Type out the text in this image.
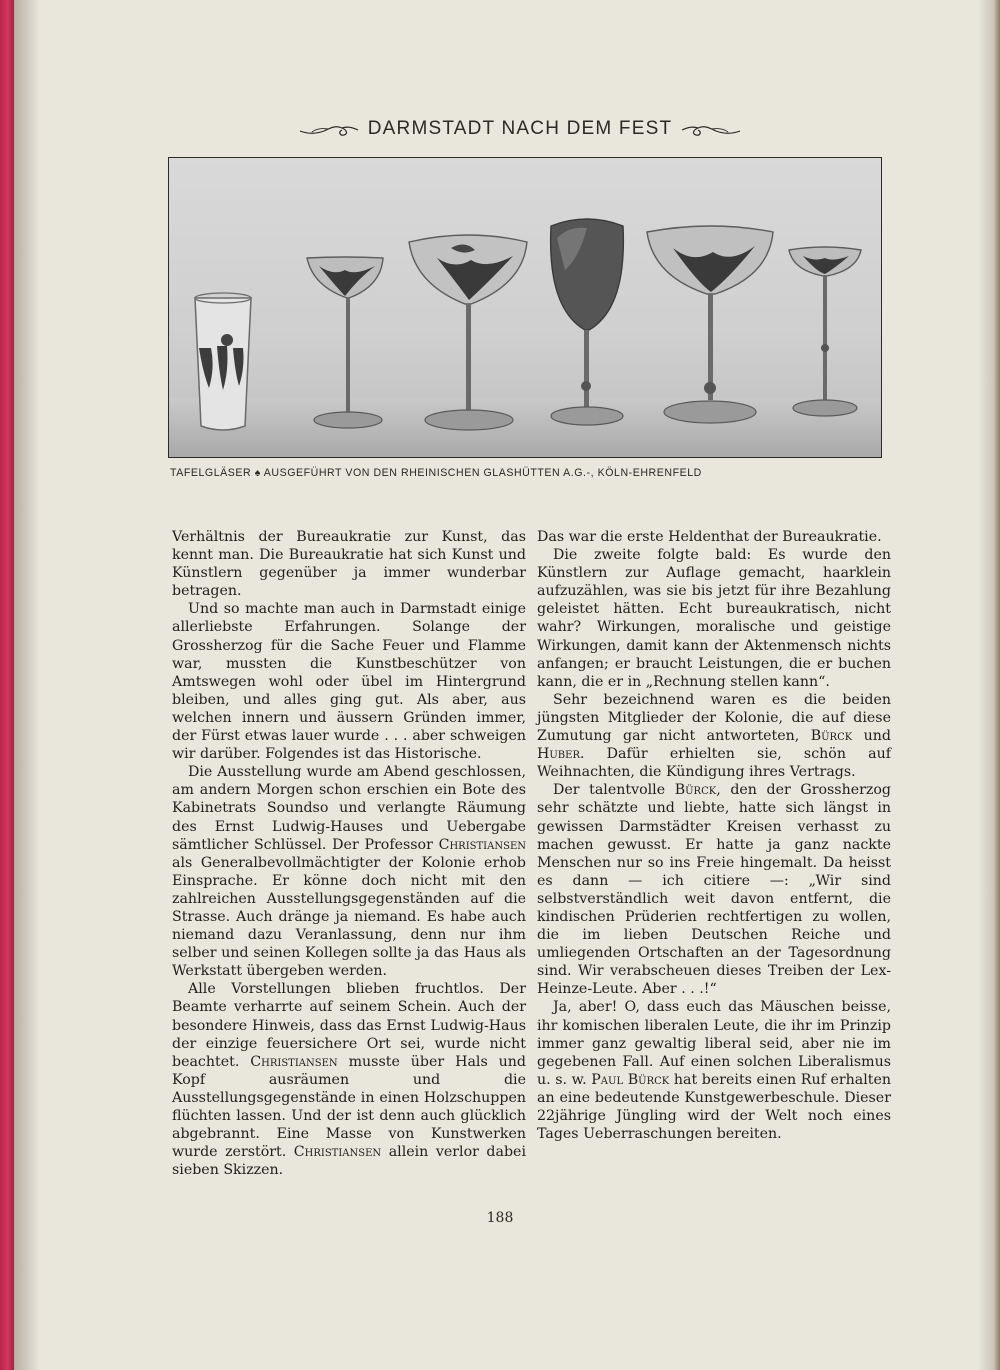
DARMSTADT NACH DEM FEST
TAFELGLÄSER ♠ AUSGEFÜHRT VON DEN RHEINISCHEN GLASHÜTTEN A.G.-, KÖLN-EHRENFELD

Verhältnis der Bureaukratie zur Kunst, das kennt man. Die Bureaukratie hat sich Kunst und Künstlern gegenüber ja immer wunderbar betragen.

Und so machte man auch in Darmstadt einige allerliebste Erfahrungen. Solange der Grossherzog für die Sache Feuer und Flamme war, mussten die Kunstbeschützer von Amtswegen wohl oder übel im Hintergrund bleiben, und alles ging gut. Als aber, aus welchen innern und äussern Gründen immer, der Fürst etwas lauer wurde . . . aber schweigen wir darüber. Folgendes ist das Historische.

Die Ausstellung wurde am Abend geschlossen, am andern Morgen schon erschien ein Bote des Kabinetrats Soundso und verlangte Räumung des Ernst Ludwig-Hauses und Uebergabe sämtlicher Schlüssel. Der Professor Christiansen als Generalbevollmächtigter der Kolonie erhob Einsprache. Er könne doch nicht mit den zahlreichen Ausstellungsgegenständen auf die Strasse. Auch dränge ja niemand. Es habe auch niemand dazu Veranlassung, denn nur ihm selber und seinen Kollegen sollte ja das Haus als Werkstatt übergeben werden.

Alle Vorstellungen blieben fruchtlos. Der Beamte verharrte auf seinem Schein. Auch der besondere Hinweis, dass das Ernst Ludwig-Haus der einzige feuersichere Ort sei, wurde nicht beachtet. Christiansen musste über Hals und Kopf ausräumen und die Ausstellungsgegenstände in einen Holzschuppen flüchten lassen. Und der ist denn auch glücklich abgebrannt. Eine Masse von Kunstwerken wurde zerstört. Christiansen allein verlor dabei sieben Skizzen.

Das war die erste Heldenthat der Bureaukratie.

Die zweite folgte bald: Es wurde den Künstlern zur Auflage gemacht, haarklein aufzuzählen, was sie bis jetzt für ihre Bezahlung geleistet hätten. Echt bureaukratisch, nicht wahr? Wirkungen, moralische und geistige Wirkungen, damit kann der Aktenmensch nichts anfangen; er braucht Leistungen, die er buchen kann, die er in „Rechnung stellen kann“.

Sehr bezeichnend waren es die beiden jüngsten Mitglieder der Kolonie, die auf diese Zumutung gar nicht antworteten, Bürck und Huber. Dafür erhielten sie, schön auf Weihnachten, die Kündigung ihres Vertrags.

Der talentvolle Bürck, den der Grossherzog sehr schätzte und liebte, hatte sich längst in gewissen Darmstädter Kreisen verhasst zu machen gewusst. Er hatte ja ganz nackte Menschen nur so ins Freie hingemalt. Da heisst es dann — ich citiere —: „Wir sind selbstverständlich weit davon entfernt, die kindischen Prüderien rechtfertigen zu wollen, die im lieben Deutschen Reiche und umliegenden Ortschaften an der Tagesordnung sind. Wir verabscheuen dieses Treiben der Lex-Heinze-Leute. Aber . . .!“

Ja, aber! O, dass euch das Mäuschen beisse, ihr komischen liberalen Leute, die ihr im Prinzip immer ganz gewaltig liberal seid, aber nie im gegebenen Fall. Auf einen solchen Liberalismus u. s. w. Paul Bürck hat bereits einen Ruf erhalten an eine bedeutende Kunstgewerbeschule. Dieser 22jährige Jüngling wird der Welt noch eines Tages Ueberraschungen bereiten.

188
